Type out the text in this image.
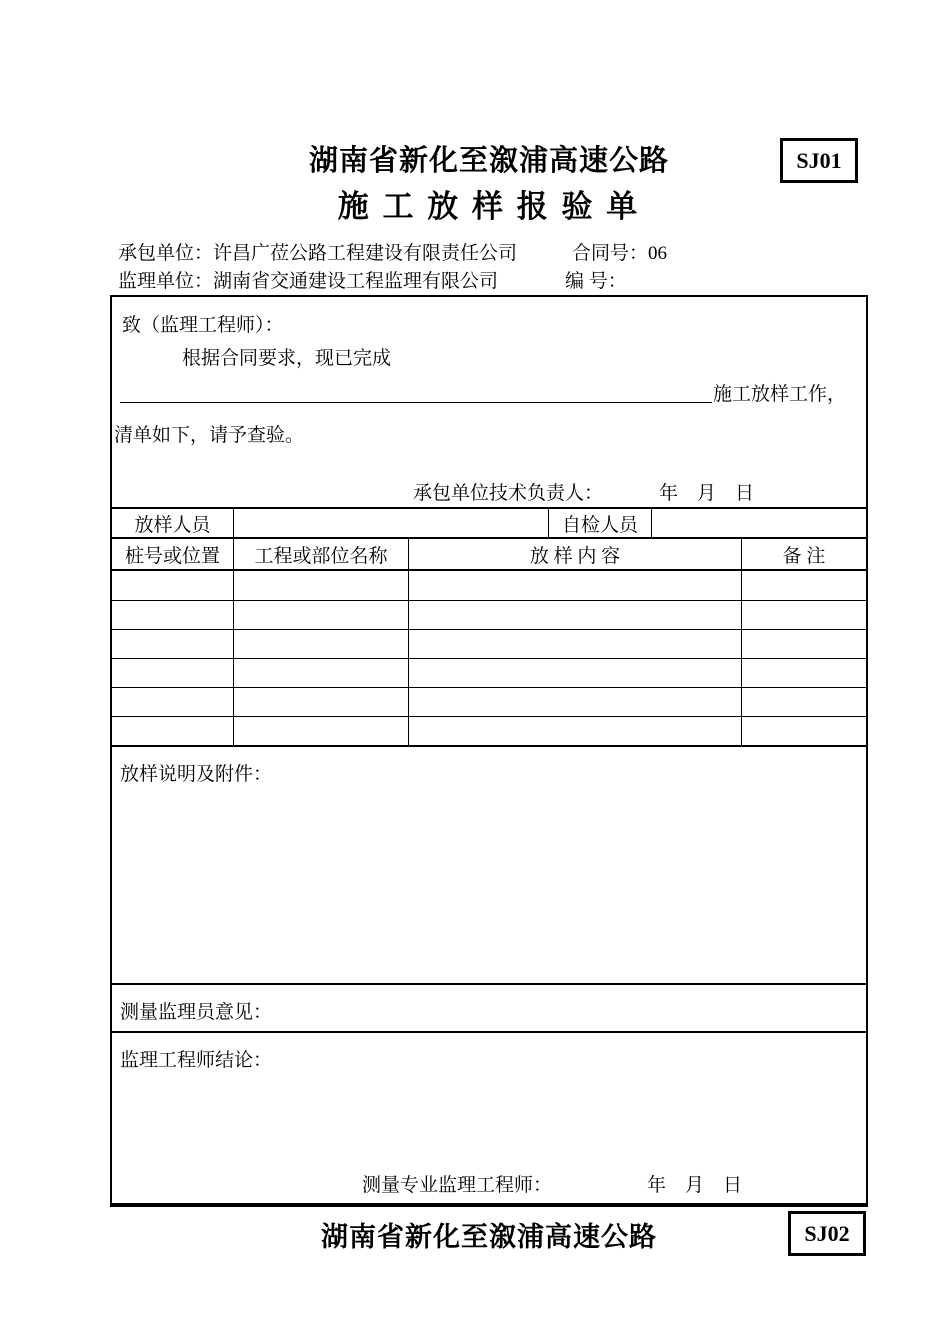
湖南省新化至溆浦高速公路
施 工 放 样 报 验 单
SJ01
承包单位：许昌广莅公路工程建设有限责任公司	合同号：06
监理单位：湖南省交通建设工程监理有限公司	编 号：
致（监理工程师）：
根据合同要求，现已完成
施工放样工作，
清单如下，请予查验。
承包单位技术负责人：	年　月　日
放样人员	自检人员
桩号或位置	工程或部位名称	放 样 内 容	备 注
放样说明及附件：
测量监理员意见：
监理工程师结论：
测量专业监理工程师：	年　月　日
湖南省新化至溆浦高速公路	SJ02
